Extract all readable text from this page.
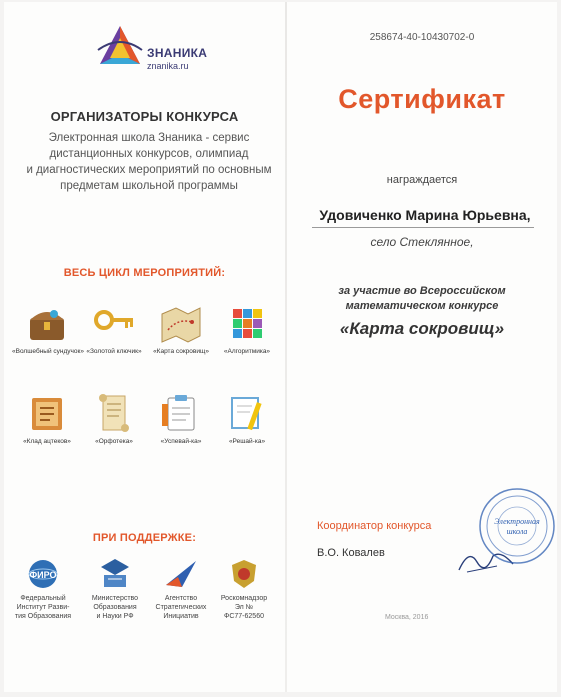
ЗНАНИКА
znanika.ru
ОРГАНИЗАТОРЫ КОНКУРСА
Электронная школа Знаника - сервис
дистанционных конкурсов, олимпиад
и диагностических мероприятий по основным
предметам школьной программы
ВЕСЬ ЦИКЛ МЕРОПРИЯТИЙ:
«Волшебный сундучок» «Золотой ключик»	«Карта сокровищ»	«Алгоритмика»
«Клад ацтеков»	«Орфотека»	«Успевай-ка»	«Решай-ка»
ПРИ ПОДДЕРЖКЕ:
ФИРО
Федеральный
Институт Разви-
тия Образования
Министерство
Образования
и Науки РФ
Агентство
Стратегических
Инициатив
Роскомнадзор
Эл №
ФС77-62560
258674-40-10430702-0
Сертификат
награждается
Удовиченко Марина Юрьевна,
село Стеклянное,
за участие во Всероссийском
математическом конкурсе
«Карта сокровищ»
Координатор конкурса
В.О. Ковалев
Москва, 2016
Электронная
школа
